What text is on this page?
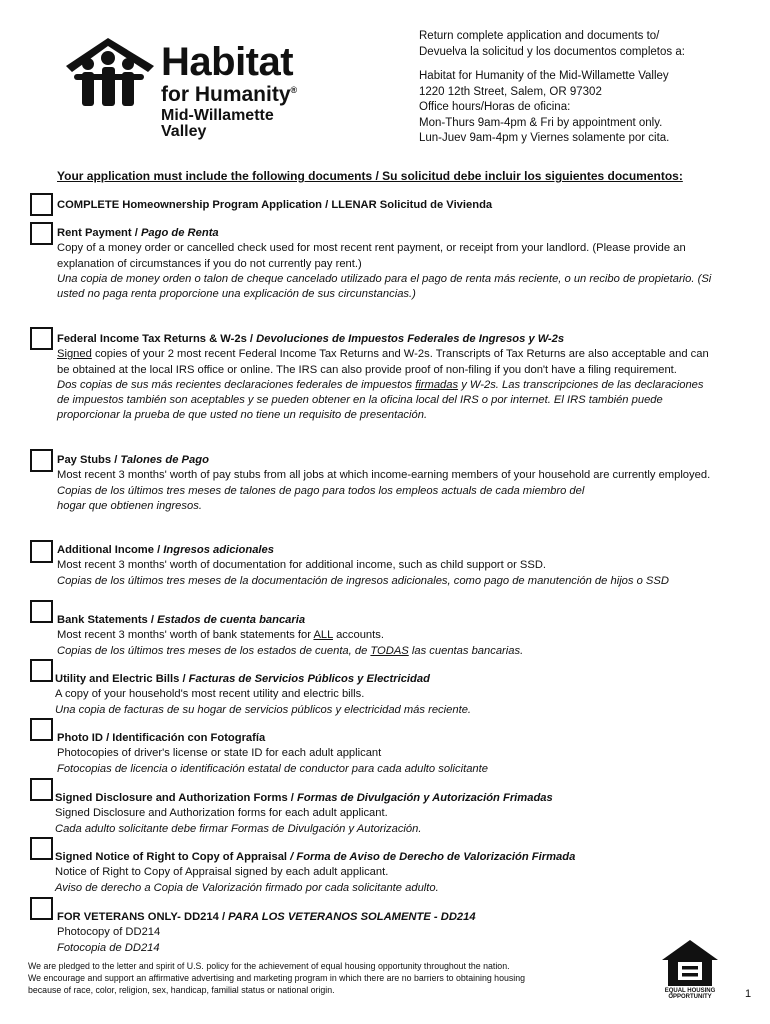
Habitat
for Humanity®
Mid-Willamette Valley
Return complete application and documents to/
Devuelva la solicitud y los documentos completos a:
Habitat for Humanity of the Mid-Willamette Valley
1220 12th Street, Salem, OR 97302
Office hours/Horas de oficina:
Mon-Thurs 9am-4pm & Fri by appointment only.
Lun-Juev 9am-4pm y Viernes solamente por cita.
Your application must include the following documents / Su solicitud debe incluir los siguientes documentos:

COMPLETE Homeownership Program Application / LLENAR Solicitud de Vivienda

Rent Payment / Pago de Renta

Copy of a money order or cancelled check used for most recent rent payment, or receipt from your landlord. (Please provide an explanation of circumstances if you do not currently pay rent.)

Una copia de money orden o talon de cheque cancelado utilizado para el pago de renta más reciente, o un recibo de propietario. (Si usted no paga renta proporcione una explicación de sus circunstancias.)

Federal Income Tax Returns & W-2s / Devoluciones de Impuestos Federales de Ingresos y W-2s

Signed copies of your 2 most recent Federal Income Tax Returns and W-2s. Transcripts of Tax Returns are also acceptable and can be obtained at the local IRS office or online. The IRS can also provide proof of non-filing if you don't have a filing requirement.

Dos copias de sus más recientes declaraciones federales de impuestos firmadas y W-2s. Las transcripciones de las declaraciones de impuestos también son aceptables y se pueden obtener en la oficina local del IRS o por internet. El IRS también puede proporcionar la prueba de que usted no tiene un requisito de presentación.

Pay Stubs / Talones de Pago

Most recent 3 months' worth of pay stubs from all jobs at which income-earning members of your household are currently employed.

Copias de los últimos tres meses de talones de pago para todos los empleos actuals de cada miembro del

hogar que obtienen ingresos.

Additional Income / Ingresos adicionales

Most recent 3 months' worth of documentation for additional income, such as child support or SSD.

Copias de los últimos tres meses de la documentación de ingresos adicionales, como pago de manutención de hijos o SSD

Bank Statements / Estados de cuenta bancaria

Most recent 3 months' worth of bank statements for ALL accounts.

Copias de los últimos tres meses de los estados de cuenta, de TODAS las cuentas bancarias.

Utility and Electric Bills / Facturas de Servicios Públicos y Electricidad

A copy of your household's most recent utility and electric bills.

Una copia de facturas de su hogar de servicios públicos y electricidad más reciente.

Photo ID / Identificación con Fotografía

Photocopies of driver's license or state ID for each adult applicant

Fotocopias de licencia o identificación estatal de conductor para cada adulto solicitante

Signed Disclosure and Authorization Forms / Formas de Divulgación y Autorización Frimadas

Signed Disclosure and Authorization forms for each adult applicant.

Cada adulto solicitante debe firmar Formas de Divulgación y Autorización.

Signed Notice of Right to Copy of Appraisal / Forma de Aviso de Derecho de Valorización Firmada

Notice of Right to Copy of Appraisal signed by each adult applicant.

Aviso de derecho a Copia de Valorización firmado por cada solicitante adulto.

FOR VETERANS ONLY- DD214 / PARA LOS VETERANOS SOLAMENTE - DD214

Photocopy of DD214

Fotocopia de DD214

We are pledged to the letter and spirit of U.S. policy for the achievement of equal housing opportunity throughout the nation.
We encourage and support an affirmative advertising and marketing program in which there are no barriers to obtaining housing
because of race, color, religion, sex, handicap, familial status or national origin.	EQUAL HOUSING
OPPORTUNITY	1
